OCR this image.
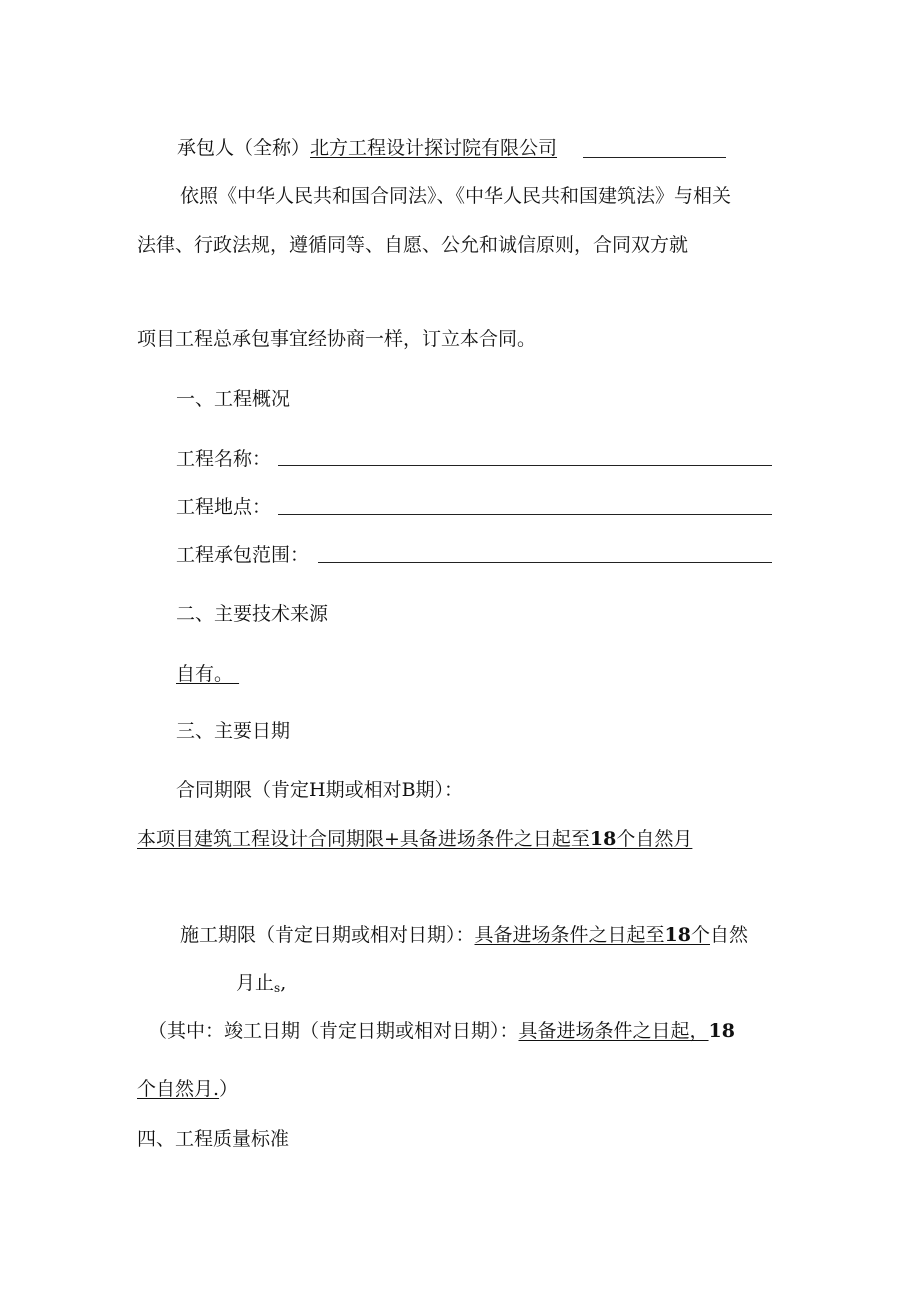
承包人（全称）北方工程设计探讨院有限公司
依照《中华人民共和国合同法》、《中华人民共和国建筑法》与相关
法律、行政法规，遵循同等、自愿、公允和诚信原则，合同双方就
项目工程总承包事宜经协商一样，订立本合同。
一、工程概况
工程名称：
工程地点：
工程承包范围：
二、主要技术来源
自有。
三、主要日期
合同期限（肯定H期或相对B期）：
本项目建筑工程设计合同期限+具备进场条件之日起至18个自然月
施工期限（肯定日期或相对日期）：具备进场条件之日起至18个自然
月止$_s$,
（其中：竣工日期（肯定日期或相对日期）：具备进场条件之日起，18
个自然月.）
四、工程质量标准
